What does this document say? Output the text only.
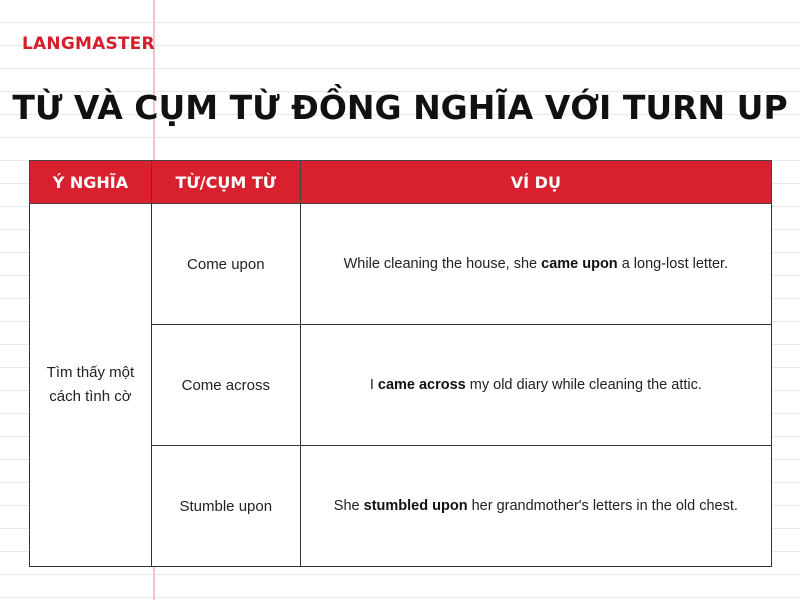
LANGMASTER
TỪ VÀ CỤM TỪ ĐỒNG NGHĨA VỚI TURN UP
Ý NGHĨA	TỪ/CỤM TỪ	VÍ DỤ
Tìm thấy một cách tình cờ	Come upon	While cleaning the house, she came upon a long-lost letter.
	Come across	I came across my old diary while cleaning the attic.
	Stumble upon	She stumbled upon her grandmother's letters in the old chest.
